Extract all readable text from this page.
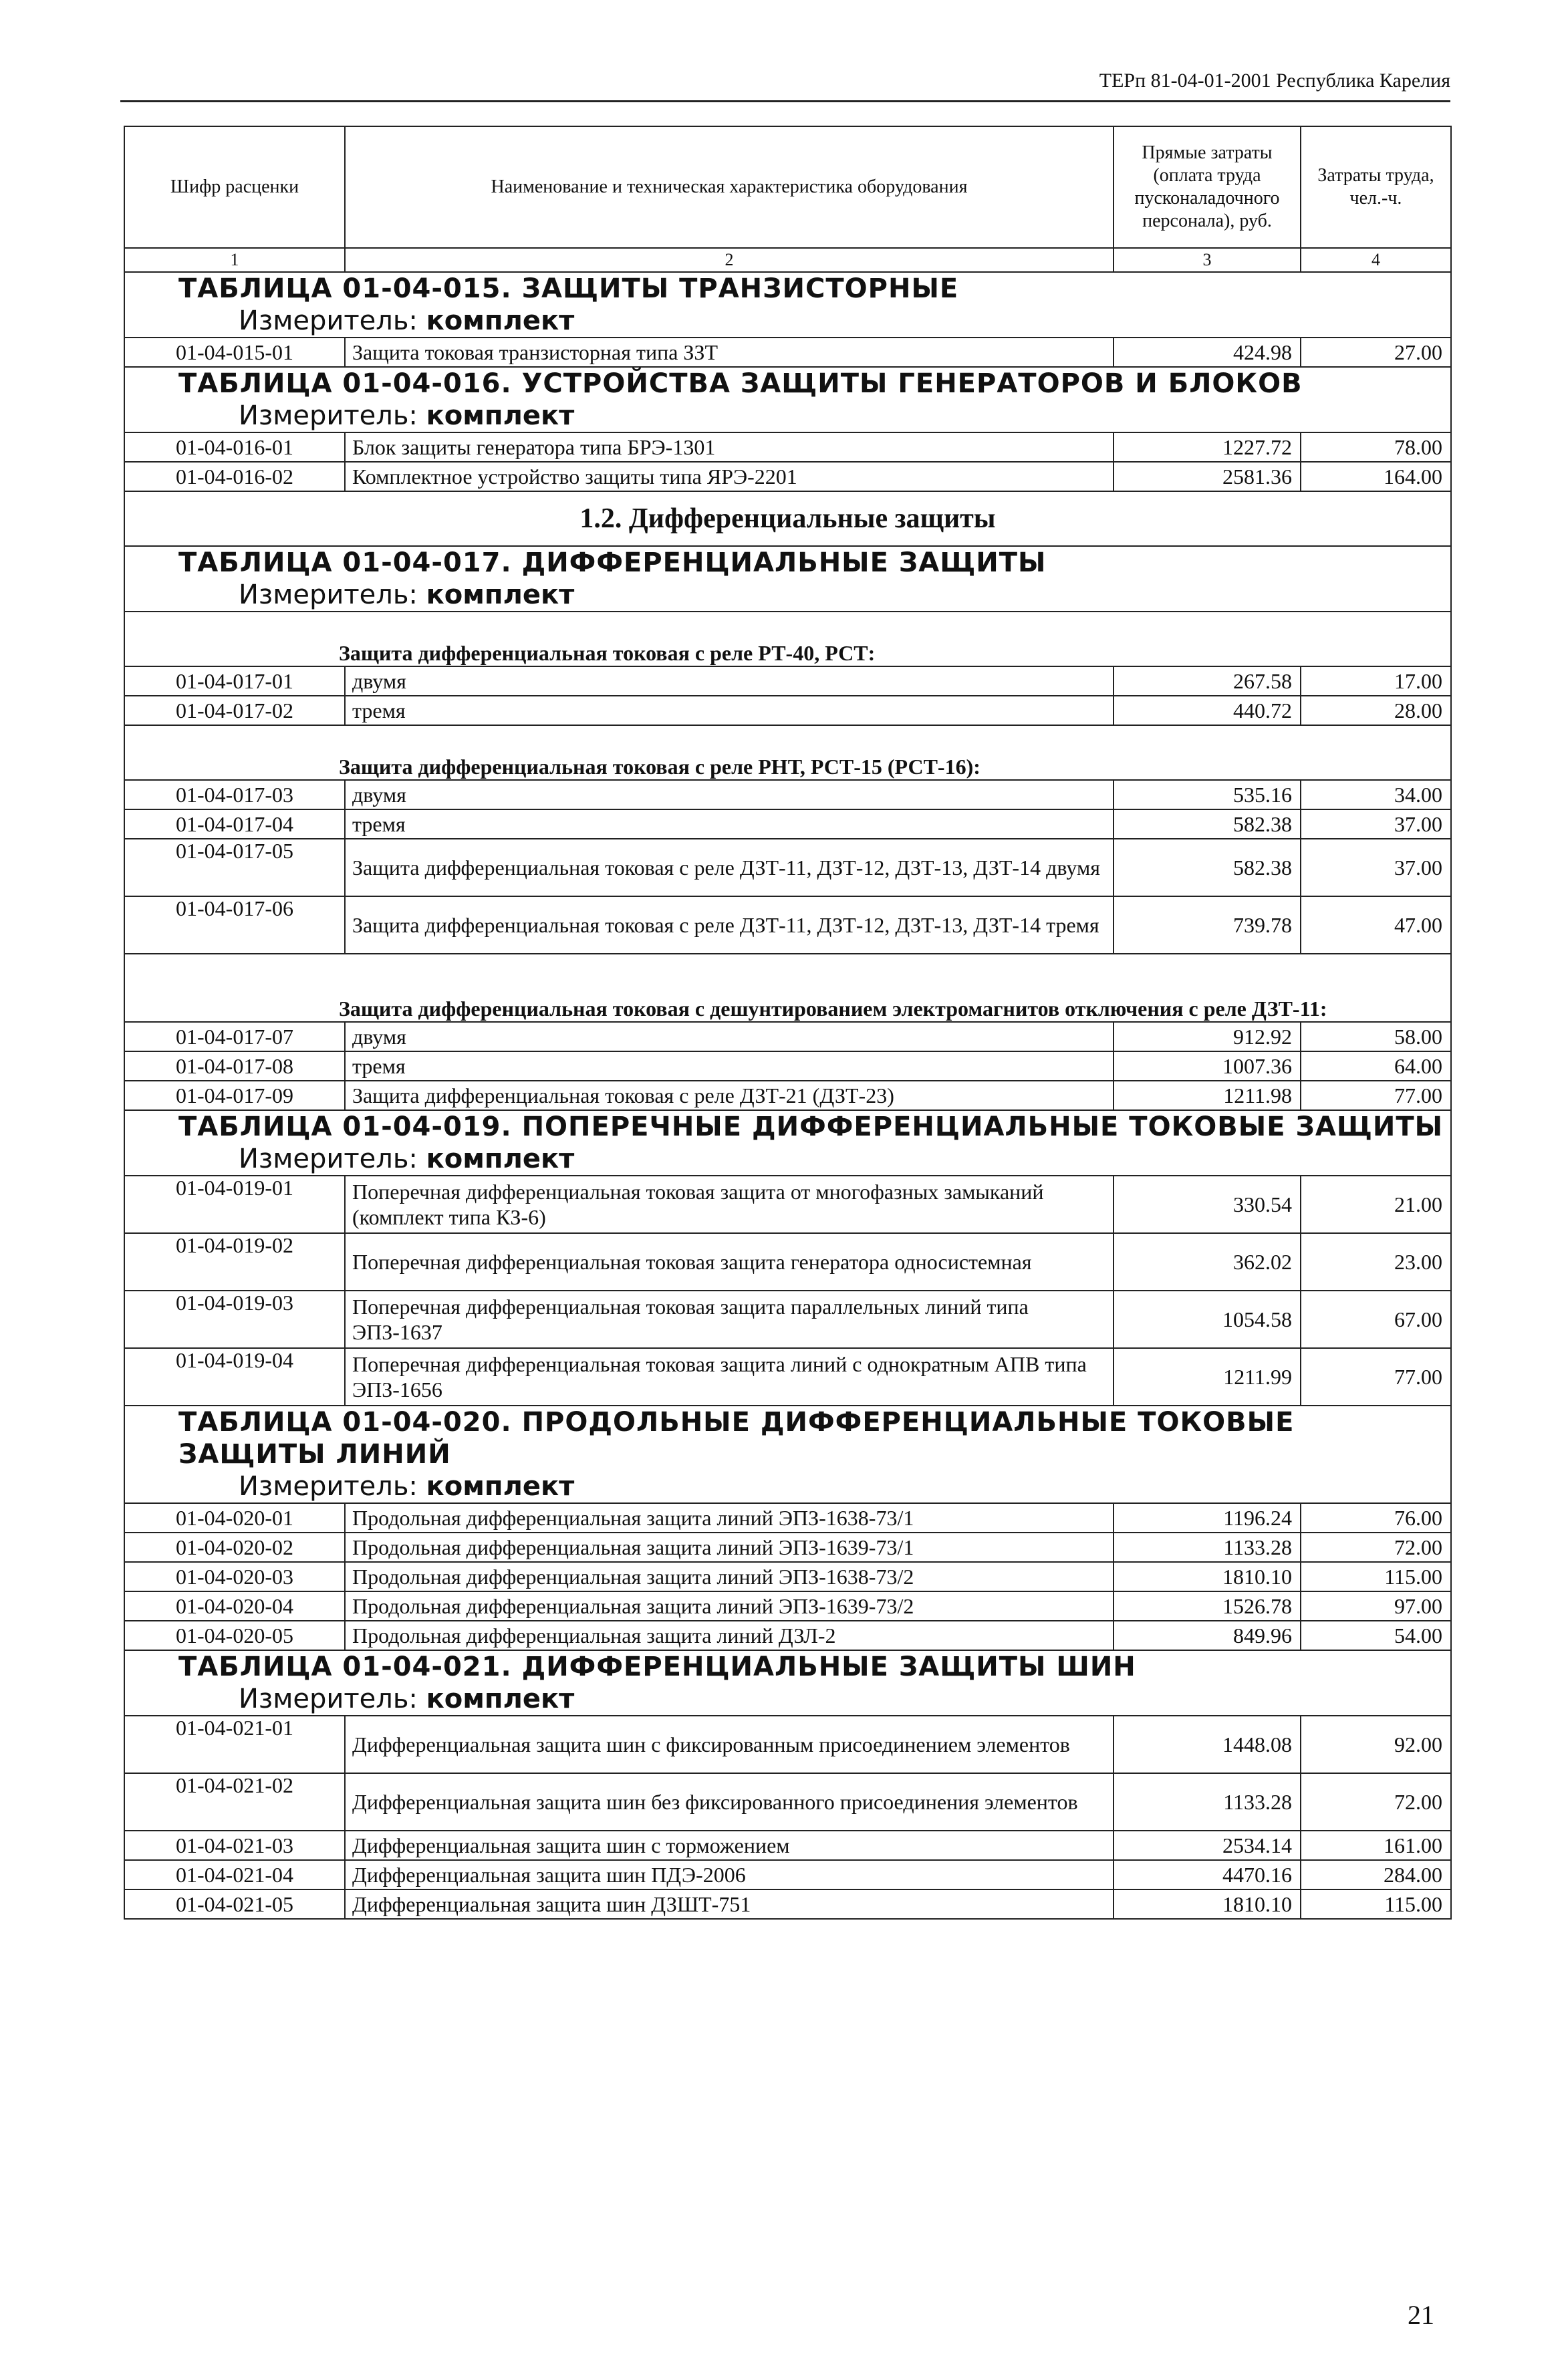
ТЕРп 81-04-01-2001 Республика Карелия
Шифр расценки	Наименование и техническая характеристика оборудования	Прямые затраты (оплата труда пусконаладочного персонала), руб.	Затраты труда, чел.-ч.
1	2	3	4

ТАБЛИЦА 01-04-015. ЗАЩИТЫ ТРАНЗИСТОРНЫЕ
Измеритель: комплект			

01-04-015-01	Защита токовая транзисторная типа ЗЗТ	424.98	27.00

ТАБЛИЦА 01-04-016. УСТРОЙСТВА ЗАЩИТЫ ГЕНЕРАТОРОВ И БЛОКОВ
Измеритель: комплект			

01-04-016-01	Блок защиты генератора типа БРЭ-1301	1227.72	78.00
01-04-016-02	Комплектное устройство защиты типа ЯРЭ-2201	2581.36	164.00
1.2. Дифференциальные защиты			

ТАБЛИЦА 01-04-017. ДИФФЕРЕНЦИАЛЬНЫЕ ЗАЩИТЫ
Измеритель: комплект			

Защита дифференциальная токовая с реле РТ-40, РСТ:			
01-04-017-01	двумя	267.58	17.00
01-04-017-02	тремя	440.72	28.00
Защита дифференциальная токовая с реле РНТ, РСТ-15 (РСТ-16):			
01-04-017-03	двумя	535.16	34.00
01-04-017-04	тремя	582.38	37.00
01-04-017-05	Защита дифференциальная токовая с реле ДЗТ-11, ДЗТ-12, ДЗТ-13, ДЗТ-14 двумя	582.38	37.00
01-04-017-06	Защита дифференциальная токовая с реле ДЗТ-11, ДЗТ-12, ДЗТ-13, ДЗТ-14 тремя	739.78	47.00
Защита дифференциальная токовая с дешунтированием электромагнитов отключения с реле ДЗТ-11:			
01-04-017-07	двумя	912.92	58.00
01-04-017-08	тремя	1007.36	64.00
01-04-017-09	Защита дифференциальная токовая с реле ДЗТ-21 (ДЗТ-23)	1211.98	77.00

ТАБЛИЦА 01-04-019. ПОПЕРЕЧНЫЕ ДИФФЕРЕНЦИАЛЬНЫЕ ТОКОВЫЕ ЗАЩИТЫ
Измеритель: комплект			

01-04-019-01	Поперечная дифференциальная токовая защита от многофазных замыканий (комплект типа КЗ-6)	330.54	21.00
01-04-019-02	Поперечная дифференциальная токовая защита генератора односистемная	362.02	23.00
01-04-019-03	Поперечная дифференциальная токовая защита параллельных линий типа ЭПЗ-1637	1054.58	67.00
01-04-019-04	Поперечная дифференциальная токовая защита линий с однократным АПВ типа ЭПЗ-1656	1211.99	77.00

ТАБЛИЦА 01-04-020. ПРОДОЛЬНЫЕ ДИФФЕРЕНЦИАЛЬНЫЕ ТОКОВЫЕ ЗАЩИТЫ ЛИНИЙ
Измеритель: комплект			

01-04-020-01	Продольная дифференциальная защита линий ЭПЗ-1638-73/1	1196.24	76.00
01-04-020-02	Продольная дифференциальная защита линий ЭПЗ-1639-73/1	1133.28	72.00
01-04-020-03	Продольная дифференциальная защита линий ЭПЗ-1638-73/2	1810.10	115.00
01-04-020-04	Продольная дифференциальная защита линий ЭПЗ-1639-73/2	1526.78	97.00
01-04-020-05	Продольная дифференциальная защита линий ДЗЛ-2	849.96	54.00

ТАБЛИЦА 01-04-021. ДИФФЕРЕНЦИАЛЬНЫЕ ЗАЩИТЫ ШИН
Измеритель: комплект			

01-04-021-01	Дифференциальная защита шин с фиксированным присоединением элементов	1448.08	92.00
01-04-021-02	Дифференциальная защита шин без фиксированного присоединения элементов	1133.28	72.00
01-04-021-03	Дифференциальная защита шин с торможением	2534.14	161.00
01-04-021-04	Дифференциальная защита шин ПДЭ-2006	4470.16	284.00
01-04-021-05	Дифференциальная защита шин ДЗШТ-751	1810.10	115.00
21
